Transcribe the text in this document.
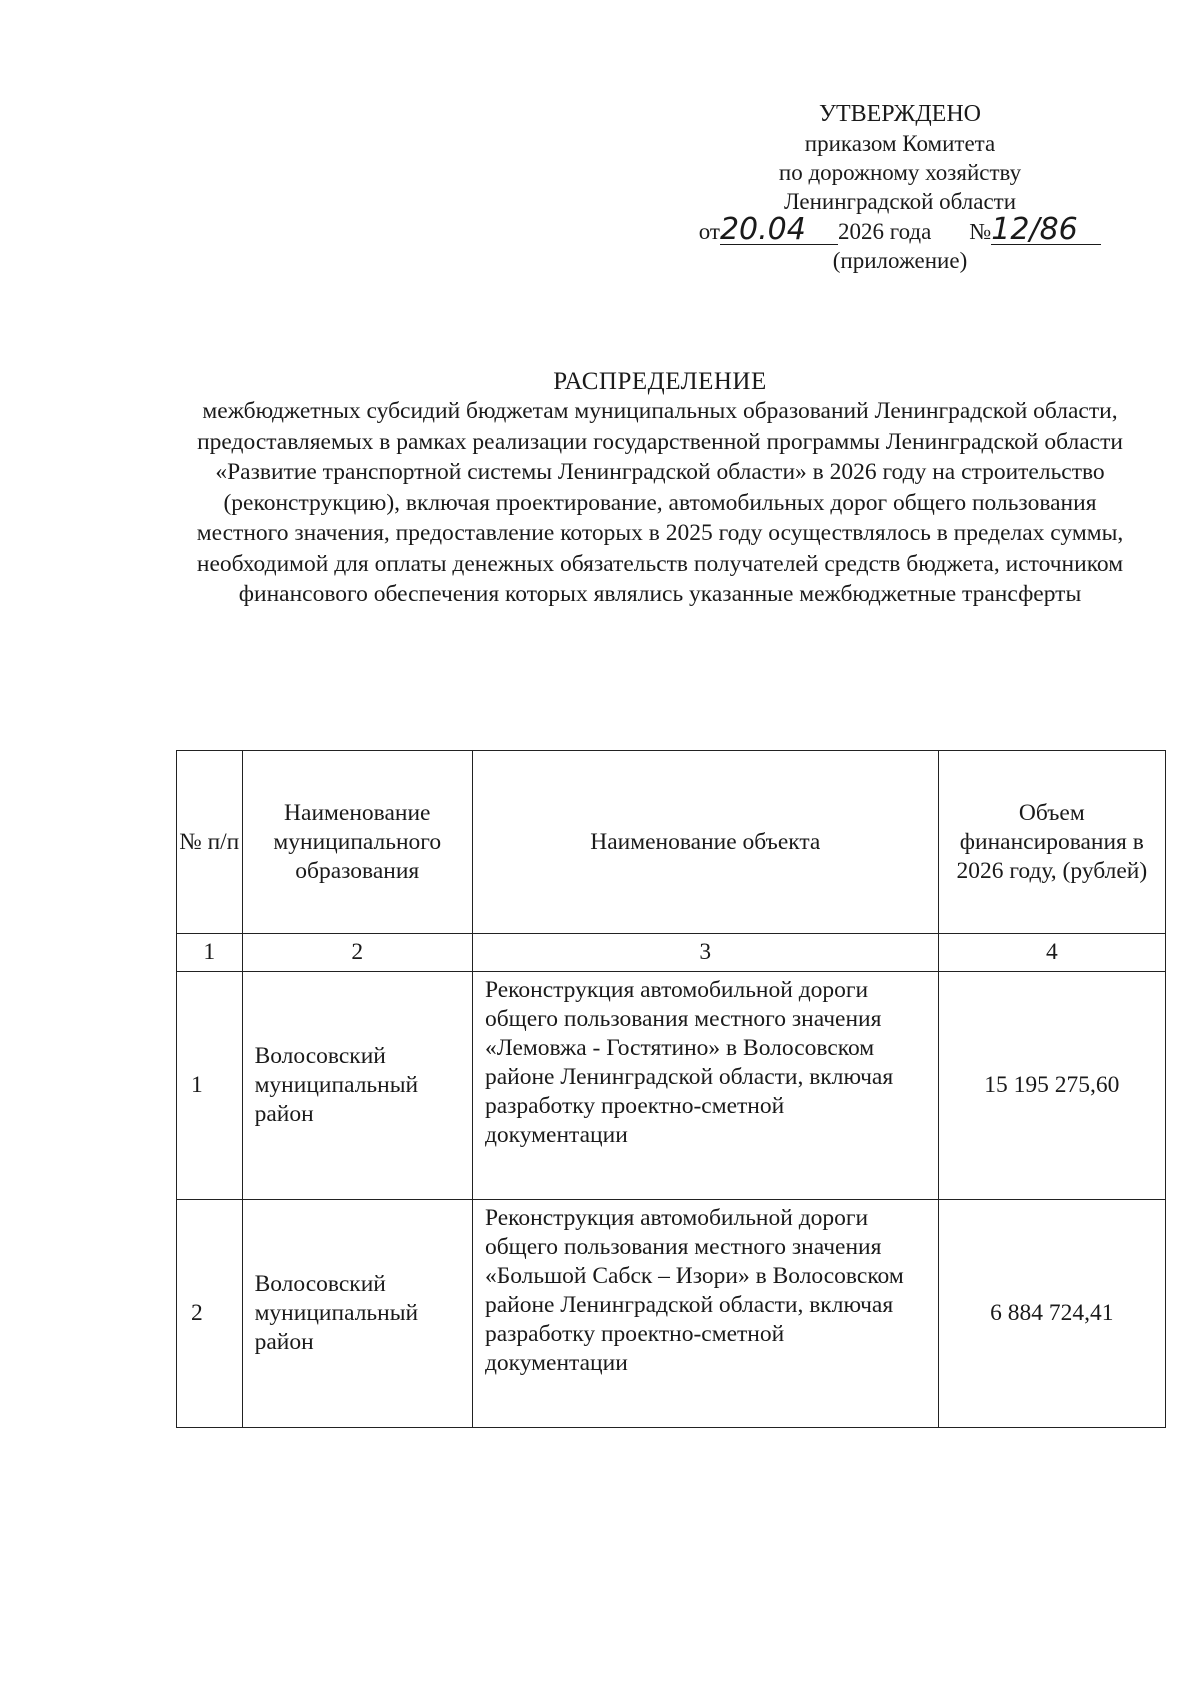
УТВЕРЖДЕНО
приказом Комитета
по дорожному хозяйству
Ленинградской области
от20.04 2026 года №12/86
(приложение)
РАСПРЕДЕЛЕНИЕ
межбюджетных субсидий бюджетам муниципальных образований Ленинградской области, предоставляемых в рамках реализации государственной программы Ленинградской области «Развитие транспортной системы Ленинградской области» в 2026 году на строительство (реконструкцию), включая проектирование, автомобильных дорог общего пользования местного значения, предоставление которых в 2025 году осуществлялось в пределах суммы, необходимой для оплаты денежных обязательств получателей средств бюджета, источником финансового обеспечения которых являлись указанные межбюджетные трансферты
№ п/п	Наименование муниципального образования	Наименование объекта	Объем финансирования в 2026 году, (рублей)
1	2	3	4
1	Волосовский муниципальный район	Реконструкция автомобильной дороги общего пользования местного значения «Лемовжа - Гостятино» в Волосовском районе Ленинградской области, включая разработку проектно-сметной документации	15 195 275,60
2	Волосовский муниципальный район	Реконструкция автомобильной дороги общего пользования местного значения «Большой Сабск – Изори» в Волосовском районе Ленинградской области, включая разработку проектно-сметной документации	6 884 724,41
